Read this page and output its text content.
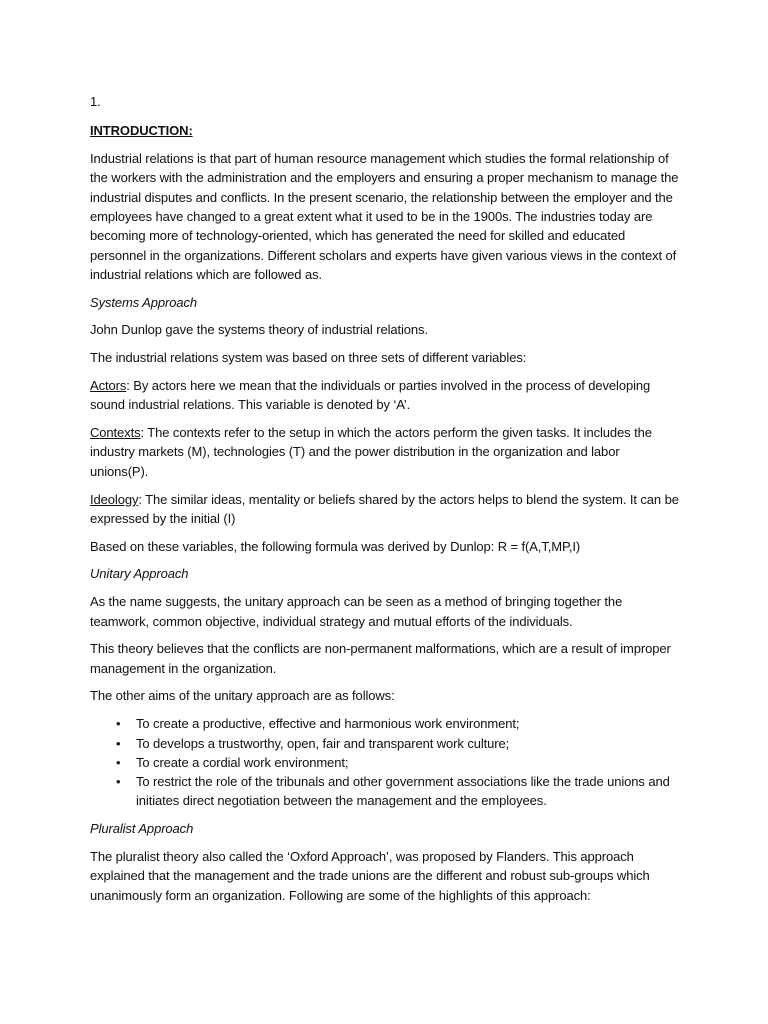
1.

INTRODUCTION:

Industrial relations is that part of human resource management which studies the formal relationship of the workers with the administration and the employers and ensuring a proper mechanism to manage the industrial disputes and conflicts. In the present scenario, the relationship between the employer and the employees have changed to a great extent what it used to be in the 1900s. The industries today are becoming more of technology-oriented, which has generated the need for skilled and educated personnel in the organizations. Different scholars and experts have given various views in the context of industrial relations which are followed as.

Systems Approach

John Dunlop gave the systems theory of industrial relations.

The industrial relations system was based on three sets of different variables:

Actors: By actors here we mean that the individuals or parties involved in the process of developing sound industrial relations. This variable is denoted by ‘A’.

Contexts: The contexts refer to the setup in which the actors perform the given tasks. It includes the industry markets (M), technologies (T) and the power distribution in the organization and labor unions(P).

Ideology: The similar ideas, mentality or beliefs shared by the actors helps to blend the system. It can be expressed by the initial (I)

Based on these variables, the following formula was derived by Dunlop: R = f(A,T,MP,I)

Unitary Approach

As the name suggests, the unitary approach can be seen as a method of bringing together the teamwork, common objective, individual strategy and mutual efforts of the individuals.

This theory believes that the conflicts are non-permanent malformations, which are a result of improper management in the organization.

The other aims of the unitary approach are as follows:

• To create a productive, effective and harmonious work environment;
• To develops a trustworthy, open, fair and transparent work culture;
• To create a cordial work environment;
• To restrict the role of the tribunals and other government associations like the trade unions and initiates direct negotiation between the management and the employees.

Pluralist Approach

The pluralist theory also called the ‘Oxford Approach’, was proposed by Flanders. This approach explained that the management and the trade unions are the different and robust sub-groups which unanimously form an organization. Following are some of the highlights of this approach:
